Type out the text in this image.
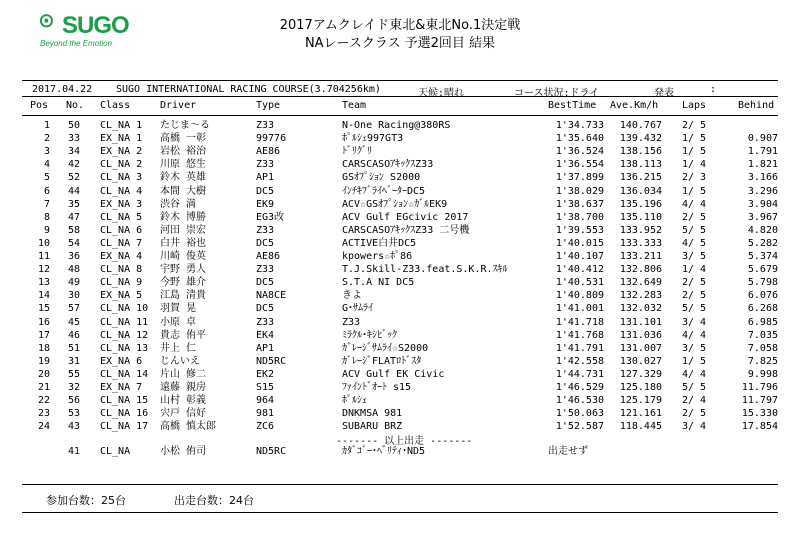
⊙ SUGO
Beyond the Emotion
2017アムクレイド東北&東北No.1決定戦
NAレースクラス 予選2回目 結果
2017.04.22 SUGO INTERNATIONAL RACING COURSE(3.704256km)	天候:晴れ	コース状況:ドライ	発表	:
Pos No. Class	Driver	Type	Team	BestTime Ave.Km/h Laps	Behind
1	50 CL_NA 1	たじま～る	Z33	N-One Racing@380RS	1'34.733	140.767	2/ 5
2	33 EX_NA 1	高橋 一彰	99776	ﾎﾟﾙｼｪ997GT3	1'35.640	139.432	1/ 5	0.907
3	34 EX_NA 2	岩松 裕治	AE86	ﾄﾞﾘｸﾞﾘ	1'36.524	138.156	1/ 5	1.791
4	42 CL_NA 2	川原 悠生	Z33	CARSCASOｱｷｯｸｽZ33	1'36.554	138.113	1/ 4	1.821
5	52 CL_NA 3	鈴木 英雄	AP1	GSｵﾌﾟｼｮﾝ S2000	1'37.899	136.215	2/ 3	3.166
6	44 CL_NA 4	本間 大樹	DC5	ｲﾝﾁｷﾌﾞﾗｲﾍﾞｰﾀｰDC5	1'38.029	136.034	1/ 5	3.296
7	35 EX_NA 3	渋谷 満	EK9	ACV☆GSｵﾌﾟｼｮﾝ☆ｶﾞﾙEK9	1'38.637	135.196	4/ 4	3.904
8	47 CL_NA 5	鈴木 博勝	EG3改	ACV Gulf EGcivic 2017	1'38.700	135.110	2/ 5	3.967
9	58 CL_NA 6	河田 崇宏	Z33	CARSCASOｱｷｯｸｽZ33 二号機	1'39.553	133.952	5/ 5	4.820
10	54 CL_NA 7	白井 裕也	DC5	ACTIVE白井DC5	1'40.015	133.333	4/ 5	5.282
11	36 EX_NA 4	川崎 俊英	AE86	kpowers☆ﾎﾟ86	1'40.107	133.211	3/ 5	5.374
12	48 CL_NA 8	宇野 勇人	Z33	T.J.Skill-Z33.feat.S.K.R.ｽｷﾙ	1'40.412	132.806	1/ 4	5.679
13	49 CL_NA 9	今野 雄介	DC5	S.T.A NI DC5	1'40.531	132.649	2/ 5	5.798
14	30 EX_NA 5	江島 清貴	NA8CE	きよ	1'40.809	132.283	2/ 5	6.076
15	57 CL_NA 10	羽賀 晃	DC5	G･ｻﾑﾗｲ	1'41.001	132.032	5/ 5	6.268
16	45 CL_NA 11	小原 卓	Z33	Z33	1'41.718	131.101	3/ 4	6.985
17	46 CL_NA 12	貴志 侑平	EK4	ﾐﾗｸﾙ･ｷｼﾋﾞｯｸ	1'41.768	131.036	4/ 4	7.035
18	51 CL_NA 13	井上 仁	AP1	ｶﾞﾚｰｼﾞｻﾑﾗｲ☆S2000	1'41.791	131.007	3/ 5	7.058
19	31 EX_NA 6	じんいえ	ND5RC	ｶﾞﾚｰｼﾞFLATﾛﾄﾞｽﾀ	1'42.558	130.027	1/ 5	7.825
20	55 CL_NA 14	片山 修二	EK2	ACV Gulf EK Civic	1'44.731	127.329	4/ 4	9.998
21	32 EX_NA 7	遠藤 親房	S15	ﾌｧｲﾝﾄﾞｵｰﾄ s15	1'46.529	125.180	5/ 5	11.796
22	56 CL_NA 15	山村 彰義	964	ﾎﾟﾙｼｪ	1'46.530	125.179	2/ 4	11.797
23	53 CL_NA 16	宍戸 信好	981	DNKMSA 981	1'50.063	121.161	2/ 5	15.330
24	43 CL_NA 17	高橋 慎太郎	ZC6	SUBARU BRZ	1'52.587	118.445	3/ 4	17.854
------- 以上出走 -------
41 CL_NA	小松 侑司	ND5RC	ｶﾀﾞｺﾞｰ･ﾍﾞﾘﾃｨ･ND5	出走せず
参加台数：25台	出走台数：24台
